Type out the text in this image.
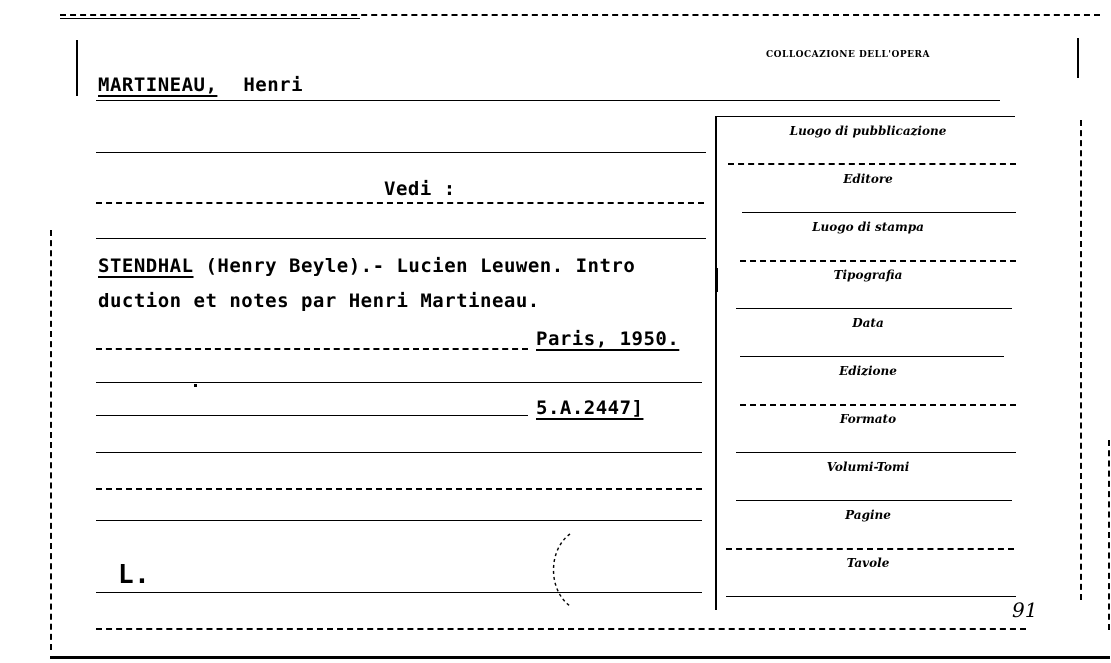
COLLOCAZIONE DELL'OPERA
Luogo di pubblicazione
Editore
Luogo di stampa
Tipografia
Data
Edizione
Formato
Volumi-Tomi
Pagine
Tavole
MARTINEAU, Henri
Vedi :
STENDHAL (Henry Beyle).- Lucien Leuwen. Intro
duction et notes par Henri Martineau.
Paris, 1950.
5.A.2447]
L.
91
